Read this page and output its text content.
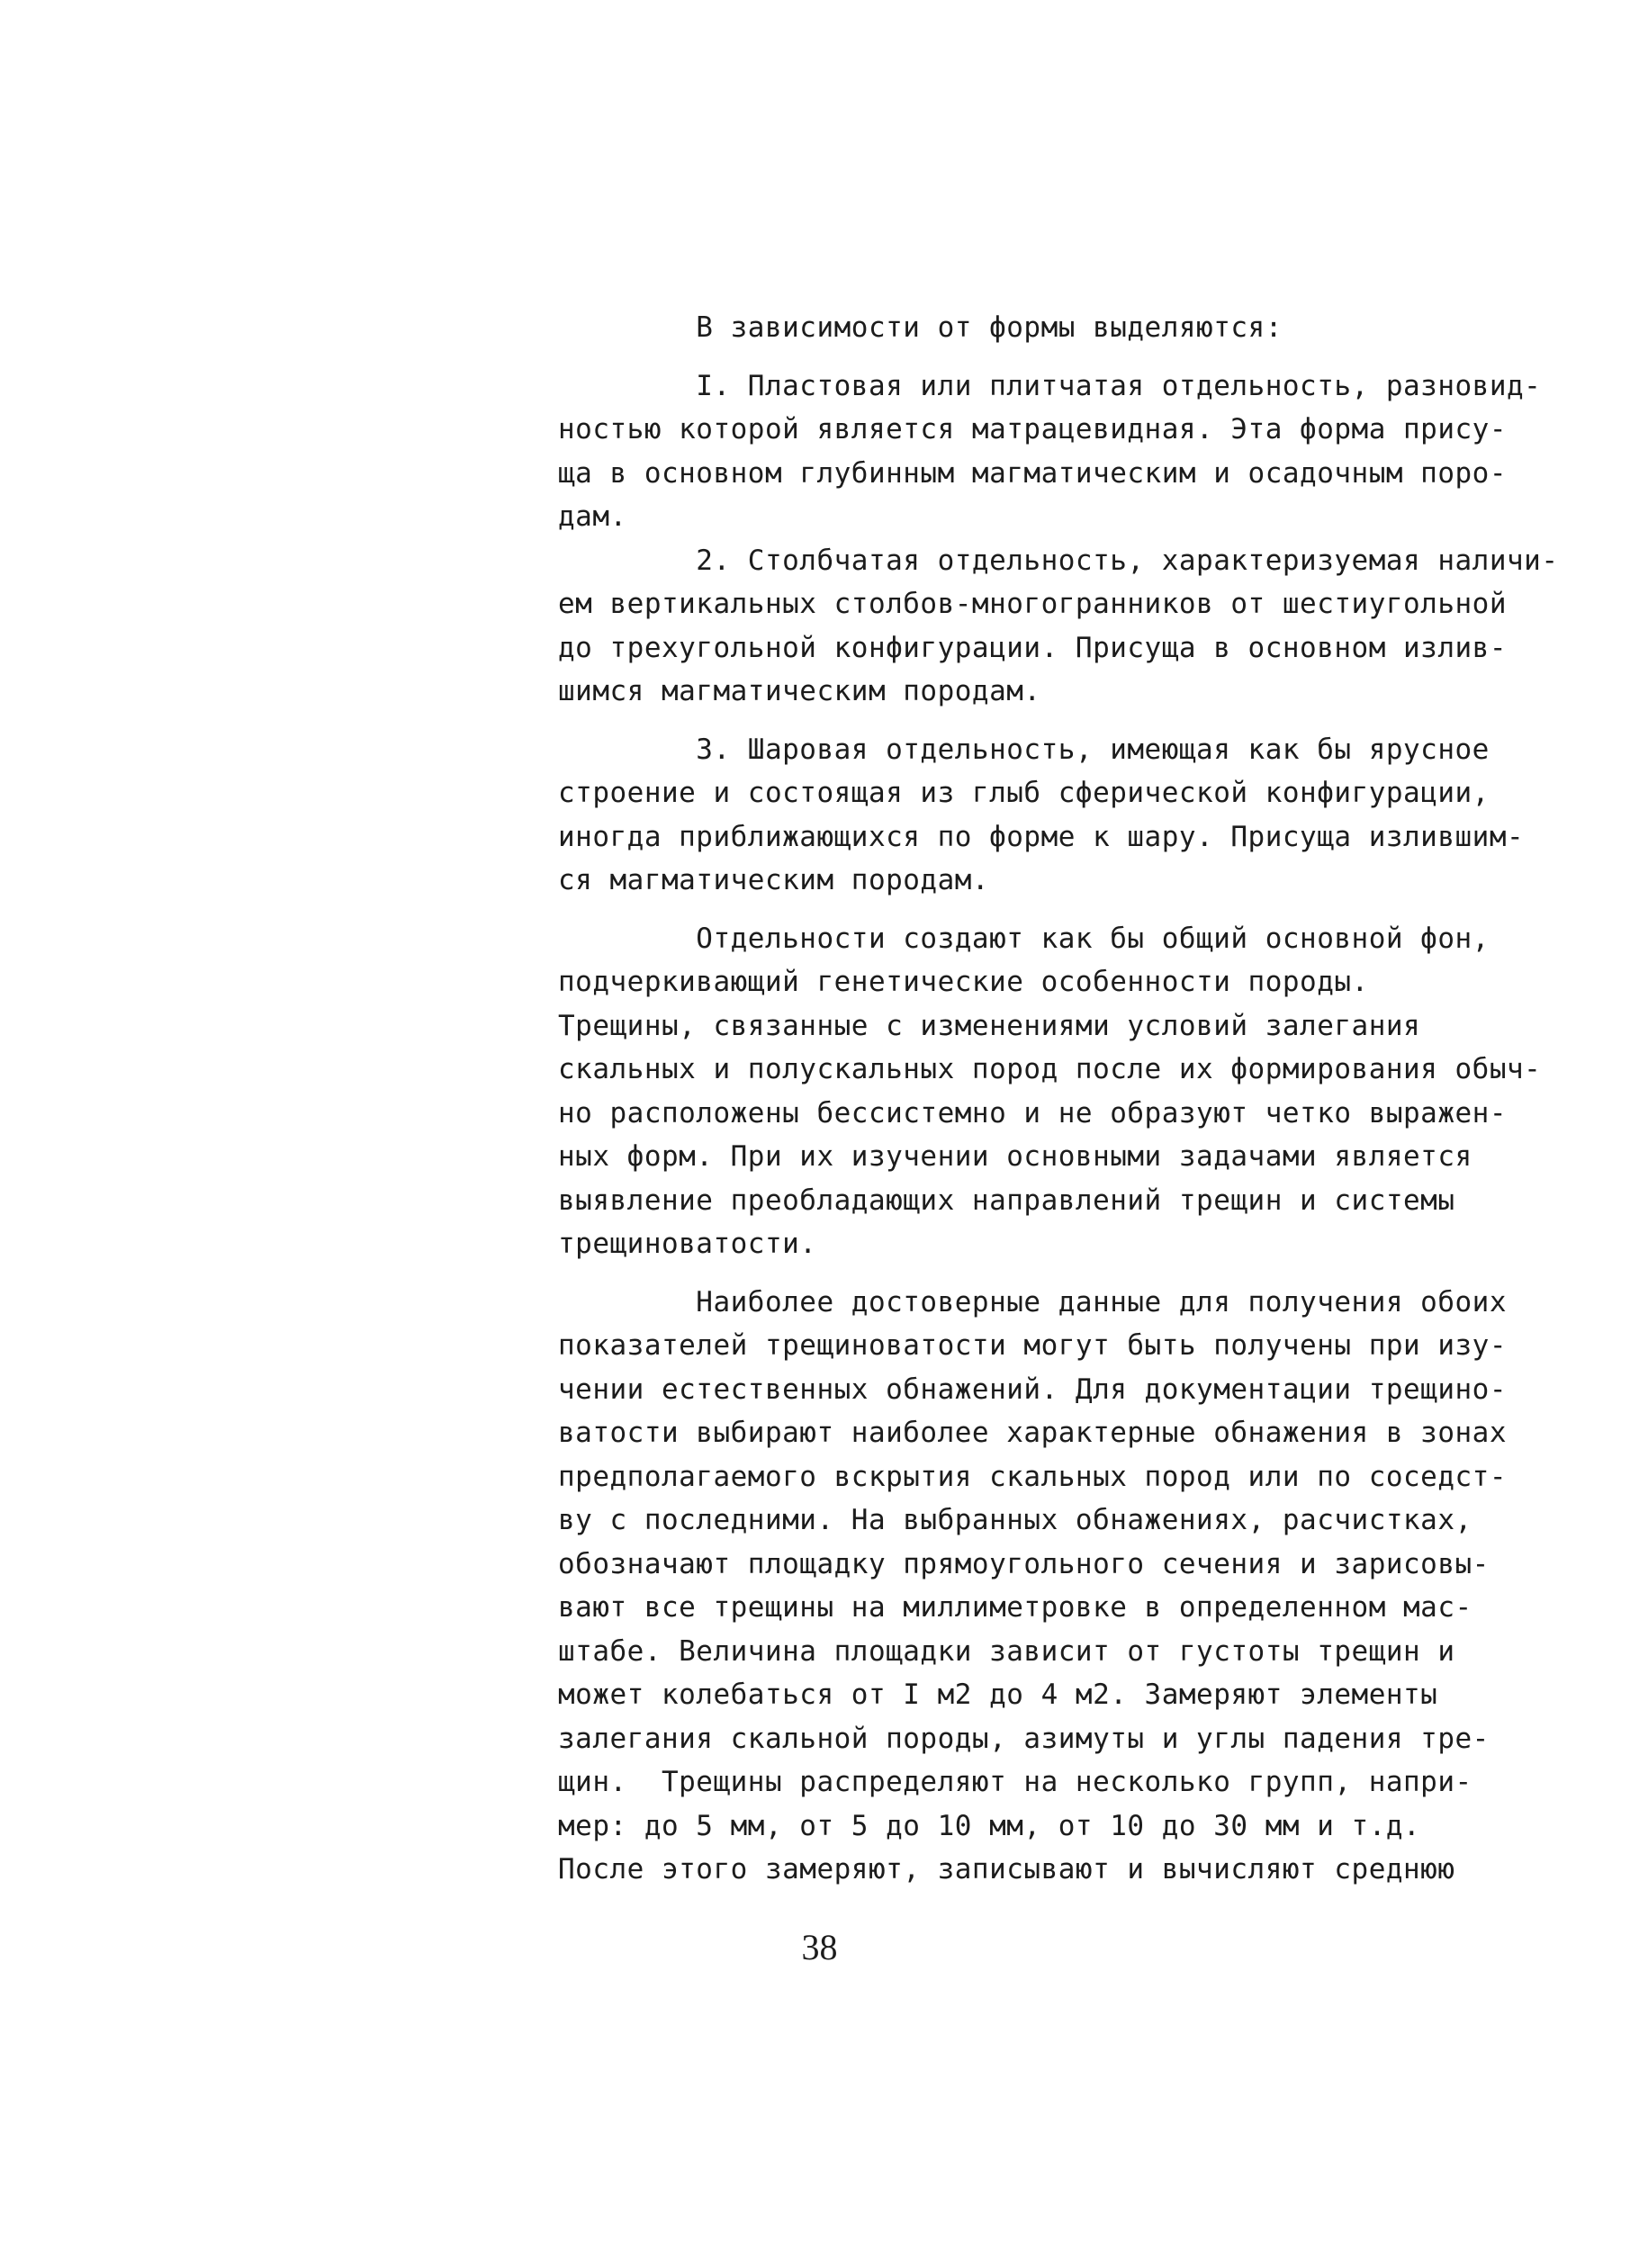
В зависимости от формы выделяются:
I. Пластовая или плитчатая отдельность, разновид-
ностью которой является матрацевидная. Эта форма прису-
ща в основном глубинным магматическим и осадочным поро-
дам.
2. Столбчатая отдельность, характеризуемая наличи-
ем вертикальных столбов-многогранников от шестиугольной
до трехугольной конфигурации. Присуща в основном излив-
шимся магматическим породам.
3. Шаровая отдельность, имеющая как бы ярусное
строение и состоящая из глыб сферической конфигурации,
иногда приближающихся по форме к шару. Присуща излившим-
ся магматическим породам.
Отдельности создают как бы общий основной фон,
подчеркивающий генетические особенности породы.
Трещины, связанные с изменениями условий залегания
скальных и полускальных пород после их формирования обыч-
но расположены бессистемно и не образуют четко выражен-
ных форм. При их изучении основными задачами является
выявление преобладающих направлений трещин и системы
трещиноватости.
Наиболее достоверные данные для получения обоих
показателей трещиноватости могут быть получены при изу-
чении естественных обнажений. Для документации трещино-
ватости выбирают наиболее характерные обнажения в зонах
предполагаемого вскрытия скальных пород или по соседст-
ву с последними. На выбранных обнажениях, расчистках,
обозначают площадку прямоугольного сечения и зарисовы-
вают все трещины на миллиметровке в определенном мас-
штабе. Величина площадки зависит от густоты трещин и
может колебаться от I м2 до 4 м2. Замеряют элементы
залегания скальной породы, азимуты и углы падения тре-
щин.  Трещины распределяют на несколько групп, напри-
мер: до 5 мм, от 5 до 10 мм, от 10 до 30 мм и т.д.
После этого замеряют, записывают и вычисляют среднюю
38
